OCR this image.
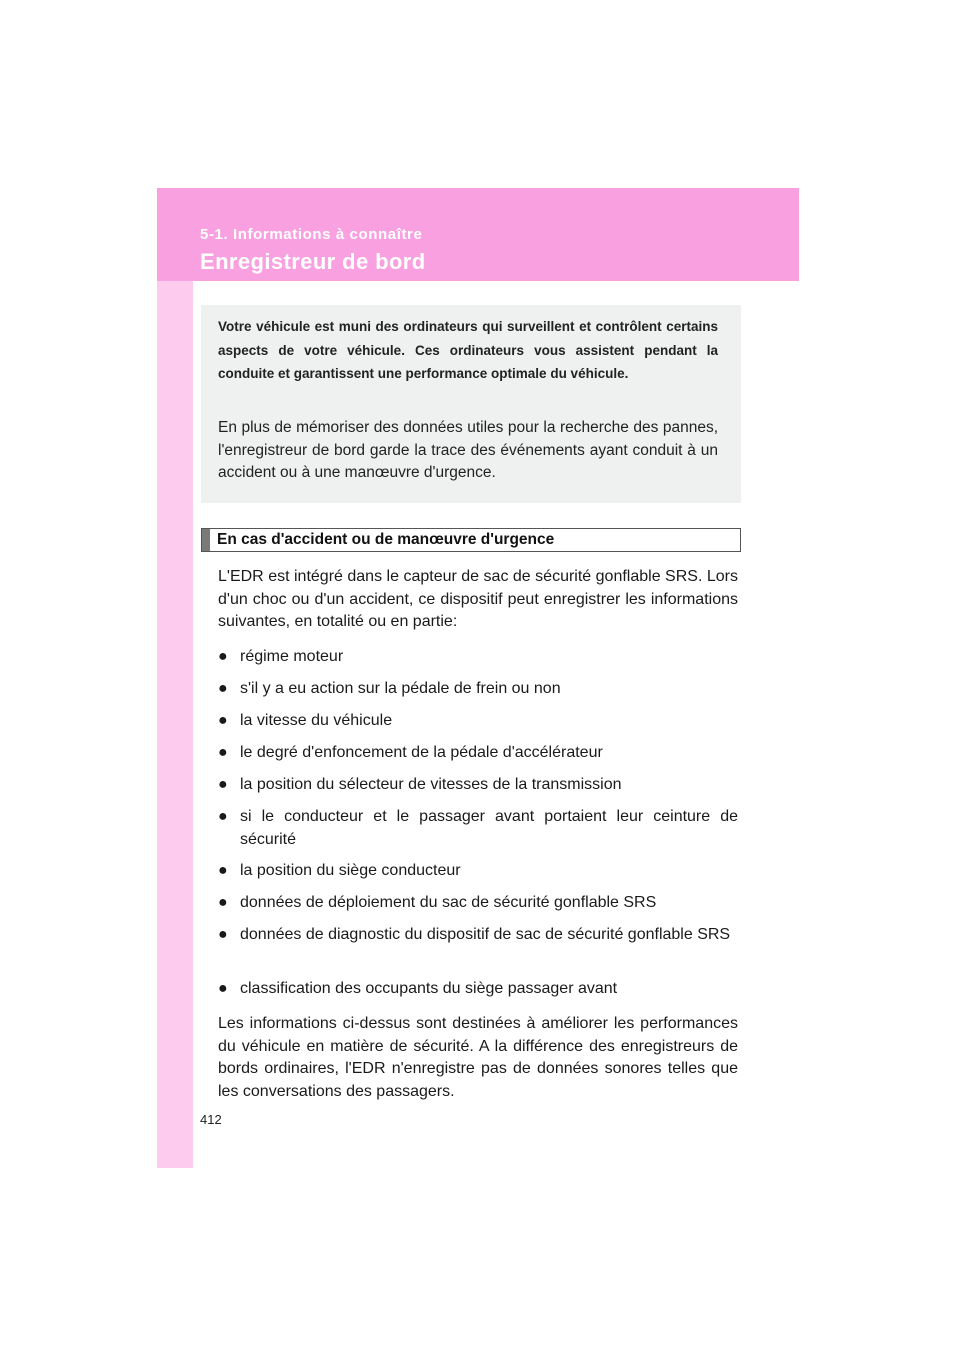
5-1. Informations à connaître
Enregistreur de bord
Votre véhicule est muni des ordinateurs qui surveillent et contrôlent certains aspects de votre véhicule. Ces ordinateurs vous assistent pendant la conduite et garantissent une performance optimale du véhicule.
En plus de mémoriser des données utiles pour la recherche des pannes, l'enregistreur de bord garde la trace des événements ayant conduit à un accident ou à une manœuvre d'urgence.
En cas d'accident ou de manœuvre d'urgence
L'EDR est intégré dans le capteur de sac de sécurité gonflable SRS. Lors d'un choc ou d'un accident, ce dispositif peut enregistrer les informations suivantes, en totalité ou en partie:
● régime moteur
● s'il y a eu action sur la pédale de frein ou non
● la vitesse du véhicule
● le degré d'enfoncement de la pédale d'accélérateur
● la position du sélecteur de vitesses de la transmission
● si le conducteur et le passager avant portaient leur ceinture de sécurité
● la position du siège conducteur
● données de déploiement du sac de sécurité gonflable SRS
● données de diagnostic du dispositif de sac de sécurité gonflable SRS
● classification des occupants du siège passager avant
Les informations ci-dessus sont destinées à améliorer les performances du véhicule en matière de sécurité. A la différence des enregistreurs de bords ordinaires, l'EDR n'enregistre pas de données sonores telles que les conversations des passagers.
412
